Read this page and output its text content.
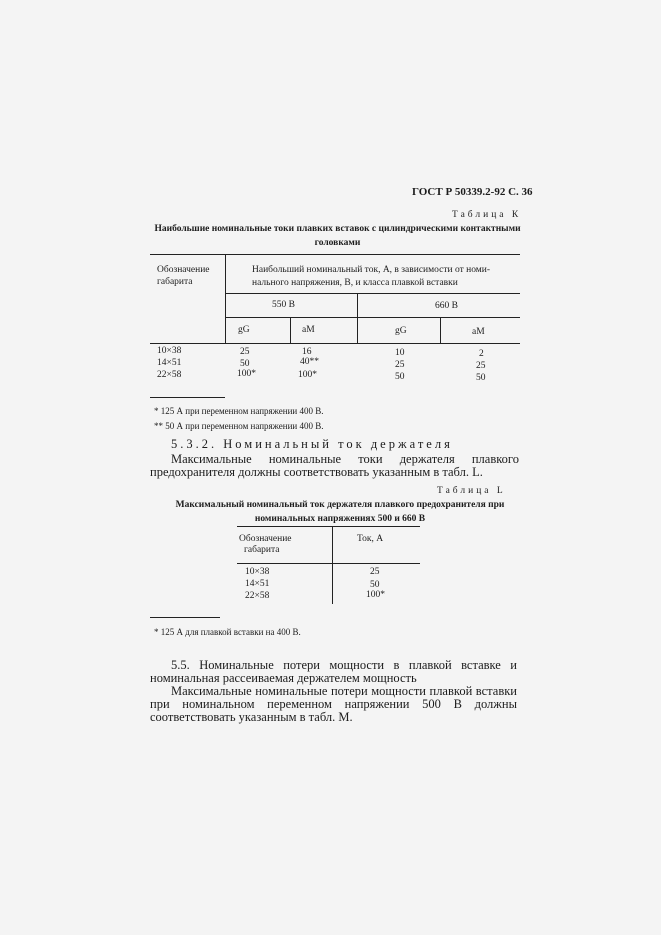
ГОСТ Р 50339.2-92 С. 36
Таблица К
Наибольшие номинальные токи плавких вставок с цилиндрическими контактными
головками
Обозначение
габарита
Наибольший номинальный ток, А, в зависимости от номи-
нального напряжения, В, и класса плавкой вставки
550 В	660 В
gG	aM	gG	aM
10×38	25	16	10	2
14×51	50	40**	25	25
22×58	100*	100*	50	50
* 125 А при переменном напряжении 400 В.
** 50 А при переменном напряжении 400 В.
5.3.2. Номинальный ток держателя
Максимальные номинальные токи держателя плавкого
предохранителя должны соответствовать указанным в табл. L.
Таблица L
Максимальный номинальный ток держателя плавкого предохранителя при
номинальных напряжениях 500 и 660 В
Обозначение
габарита
Ток, А
10×38	25
14×51	50
22×58	100*
* 125 А для плавкой вставки на 400 В.
5.5. Номинальные потери мощности в плавкой вставке и
номинальная рассеиваемая держателем мощность
Максимальные номинальные потери мощности плавкой вставки
при номинальном переменном напряжении 500 В должны
соответствовать указанным в табл. М.
